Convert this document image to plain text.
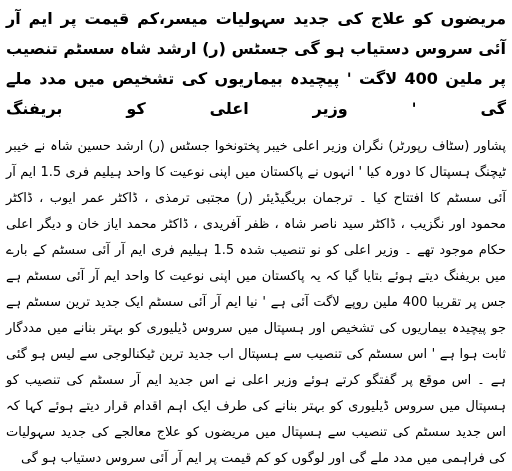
مریضوں کو علاج کی جدید سہولیات میسر،کم قیمت پر ایم آر آئی سروس دستیاب ہو گی جسٹس (ر) ارشد شاہ سسٹم تنصیب پر ملین 400 لاگت ' پیچیدہ بیماریوں کی تشخیص میں مدد ملے گی ' وزیر اعلی کو بریفنگ

پشاور (سٹاف رپورٹر) نگران وزیر اعلی خیبر پختونخوا جسٹس (ر) ارشد حسین شاہ نے خیبر ٹیچنگ ہسپتال کا دورہ کیا ' انہوں نے پاکستان میں اپنی نوعیت کا واحد ہیلیم فری 1.5 ایم آر آئی سسٹم کا افتتاح کیا ۔ ترجمان بریگیڈیئر (ر) مجتبی ترمذی ، ڈاکٹر عمر ایوب ، ڈاکٹر محمود اور نگزیب ، ڈاکٹر سید ناصر شاہ ، ظفر آفریدی ، ڈاکٹر محمد ایاز خان و دیگر اعلی حکام موجود تھے ۔ وزیر اعلی کو نو تنصیب شدہ 1.5 ہیلیم فری ایم آر آئی سسٹم کے بارے میں بریفنگ دیتے ہوئے بتایا گیا کہ یہ پاکستان میں اپنی نوعیت کا واحد ایم آر آئی سسٹم ہے جس پر تقریبا 400 ملین روپے لاگت آئی ہے ' نیا ایم آر آئی سسٹم ایک جدید ترین سسٹم ہے جو پیچیدہ بیماریوں کی تشخیص اور ہسپتال میں سروس ڈیلیوری کو بہتر بنانے میں مددگار ثابت ہوا ہے ' اس سسٹم کی تنصیب سے ہسپتال اب جدید ترین ٹیکنالوجی سے لیس ہو گئی ہے ۔ اس موقع پر گفتگو کرتے ہوئے وزیر اعلی نے اس جدید ایم آر سسٹم کی تنصیب کو ہسپتال میں سروس ڈیلیوری کو بہتر بنانے کی طرف ایک اہم اقدام قرار دیتے ہوئے کہا کہ اس جدید سسٹم کی تنصیب سے ہسپتال میں مریضوں کو علاج معالجے کی جدید سہولیات کی فراہمی میں مدد ملے گی اور لوگوں کو کم قیمت پر ایم آر آئی سروس دستیاب ہو گی
